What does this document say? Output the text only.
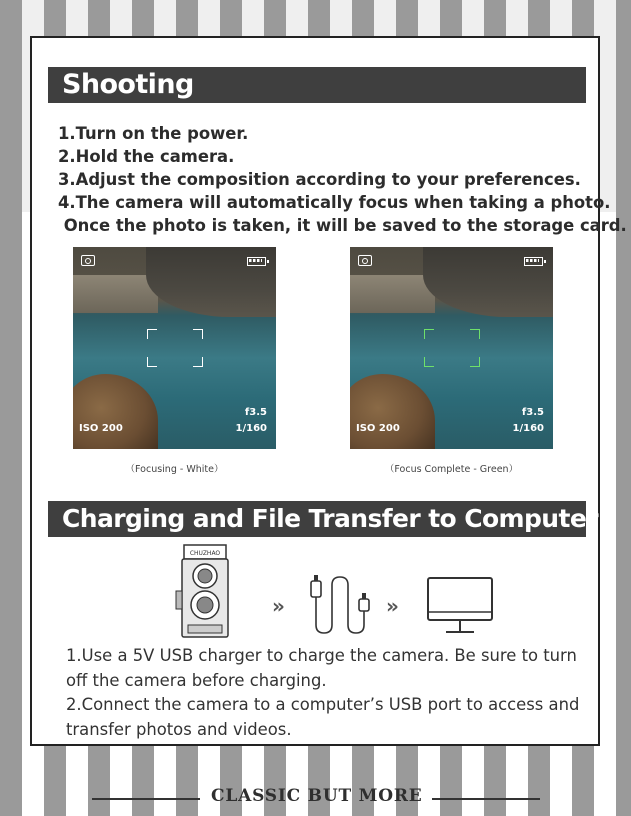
Shooting
1.Turn on the power.
2.Hold the camera.
3.Adjust the composition according to your preferences.
4.The camera will automatically focus when taking a photo.
Once the photo is taken, it will be saved to the storage card.
f3.5
ISO 200	1/160
（Focusing - White）
f3.5
ISO 200	1/160
（Focus Complete - Green）
Charging and File Transfer to Computer
CHUZHAO
»	»
1.Use a 5V USB charger to charge the camera. Be sure to turn off the camera before charging.
2.Connect the camera to a computer’s USB port to access and transfer photos and videos.
CLASSIC BUT MORE
